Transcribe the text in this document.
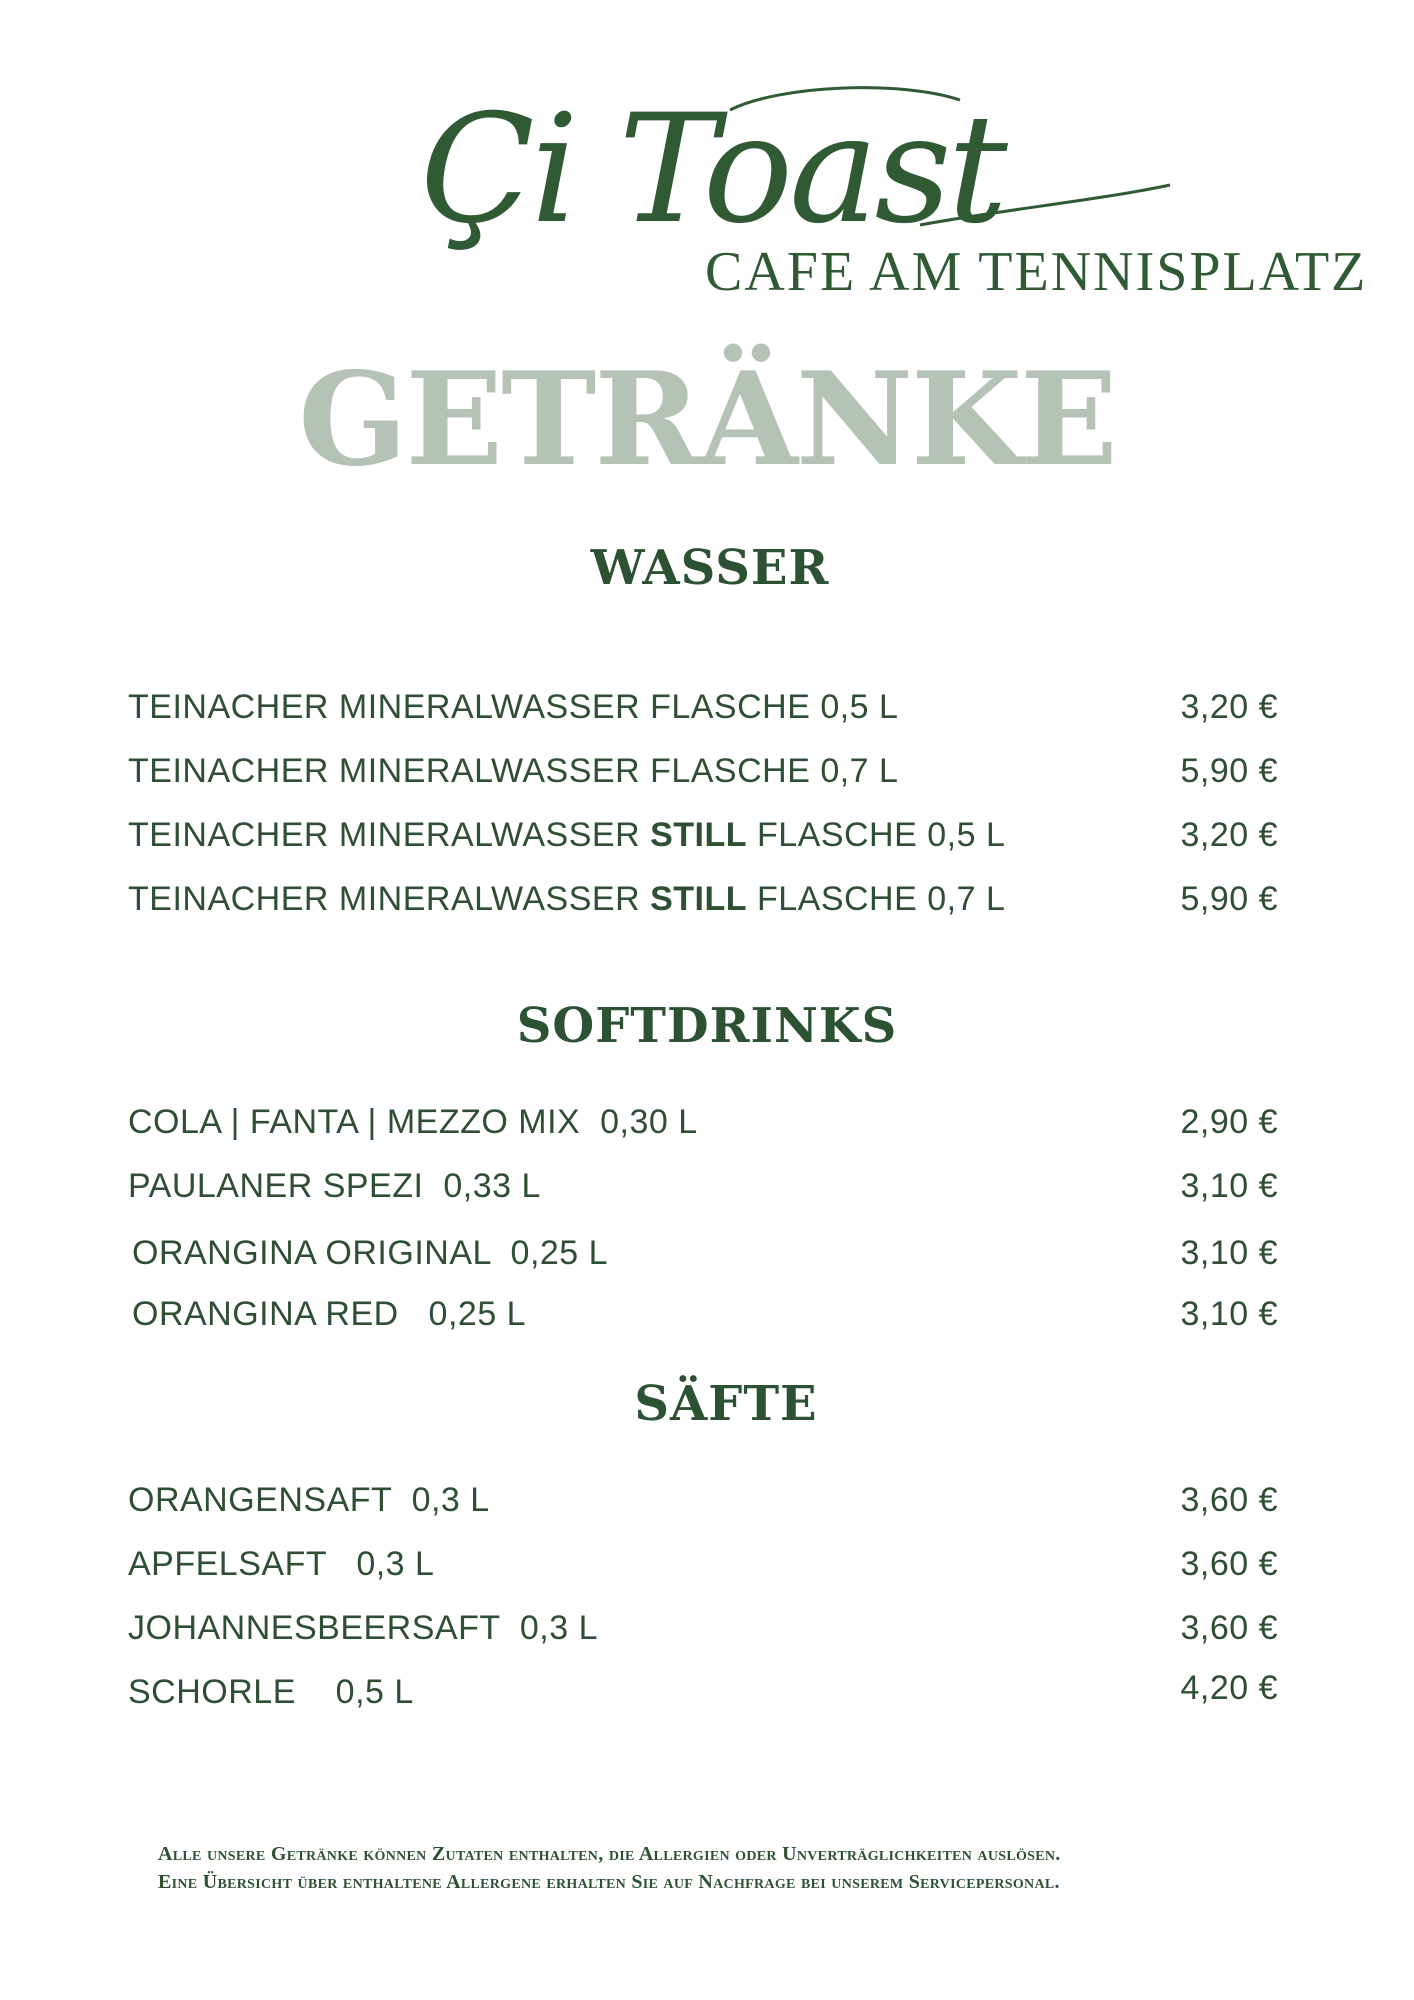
Çi Toast
CAFE AM TENNISPLATZ
GETRÄNKE
WASSER
TEINACHER MINERALWASSER FLASCHE 0,5 L	3,20 €
TEINACHER MINERALWASSER FLASCHE 0,7 L	5,90 €
TEINACHER MINERALWASSER STILL FLASCHE 0,5 L	3,20 €
TEINACHER MINERALWASSER STILL FLASCHE 0,7 L	5,90 €
SOFTDRINKS
COLA | FANTA | MEZZO MIX  0,30 L	2,90 €
PAULANER SPEZI  0,33 L	3,10 €
ORANGINA ORIGINAL  0,25 L	3,10 €
ORANGINA RED   0,25 L	3,10 €
SÄFTE
ORANGENSAFT  0,3 L	3,60 €
APFELSAFT   0,3 L	3,60 €
JOHANNESBEERSAFT  0,3 L	3,60 €
SCHORLE    0,5 L	4,20 €
Alle unsere Getränke können Zutaten enthalten, die Allergien oder Unverträglichkeiten auslösen.
Eine Übersicht über enthaltene Allergene erhalten Sie auf Nachfrage bei unserem Servicepersonal.
